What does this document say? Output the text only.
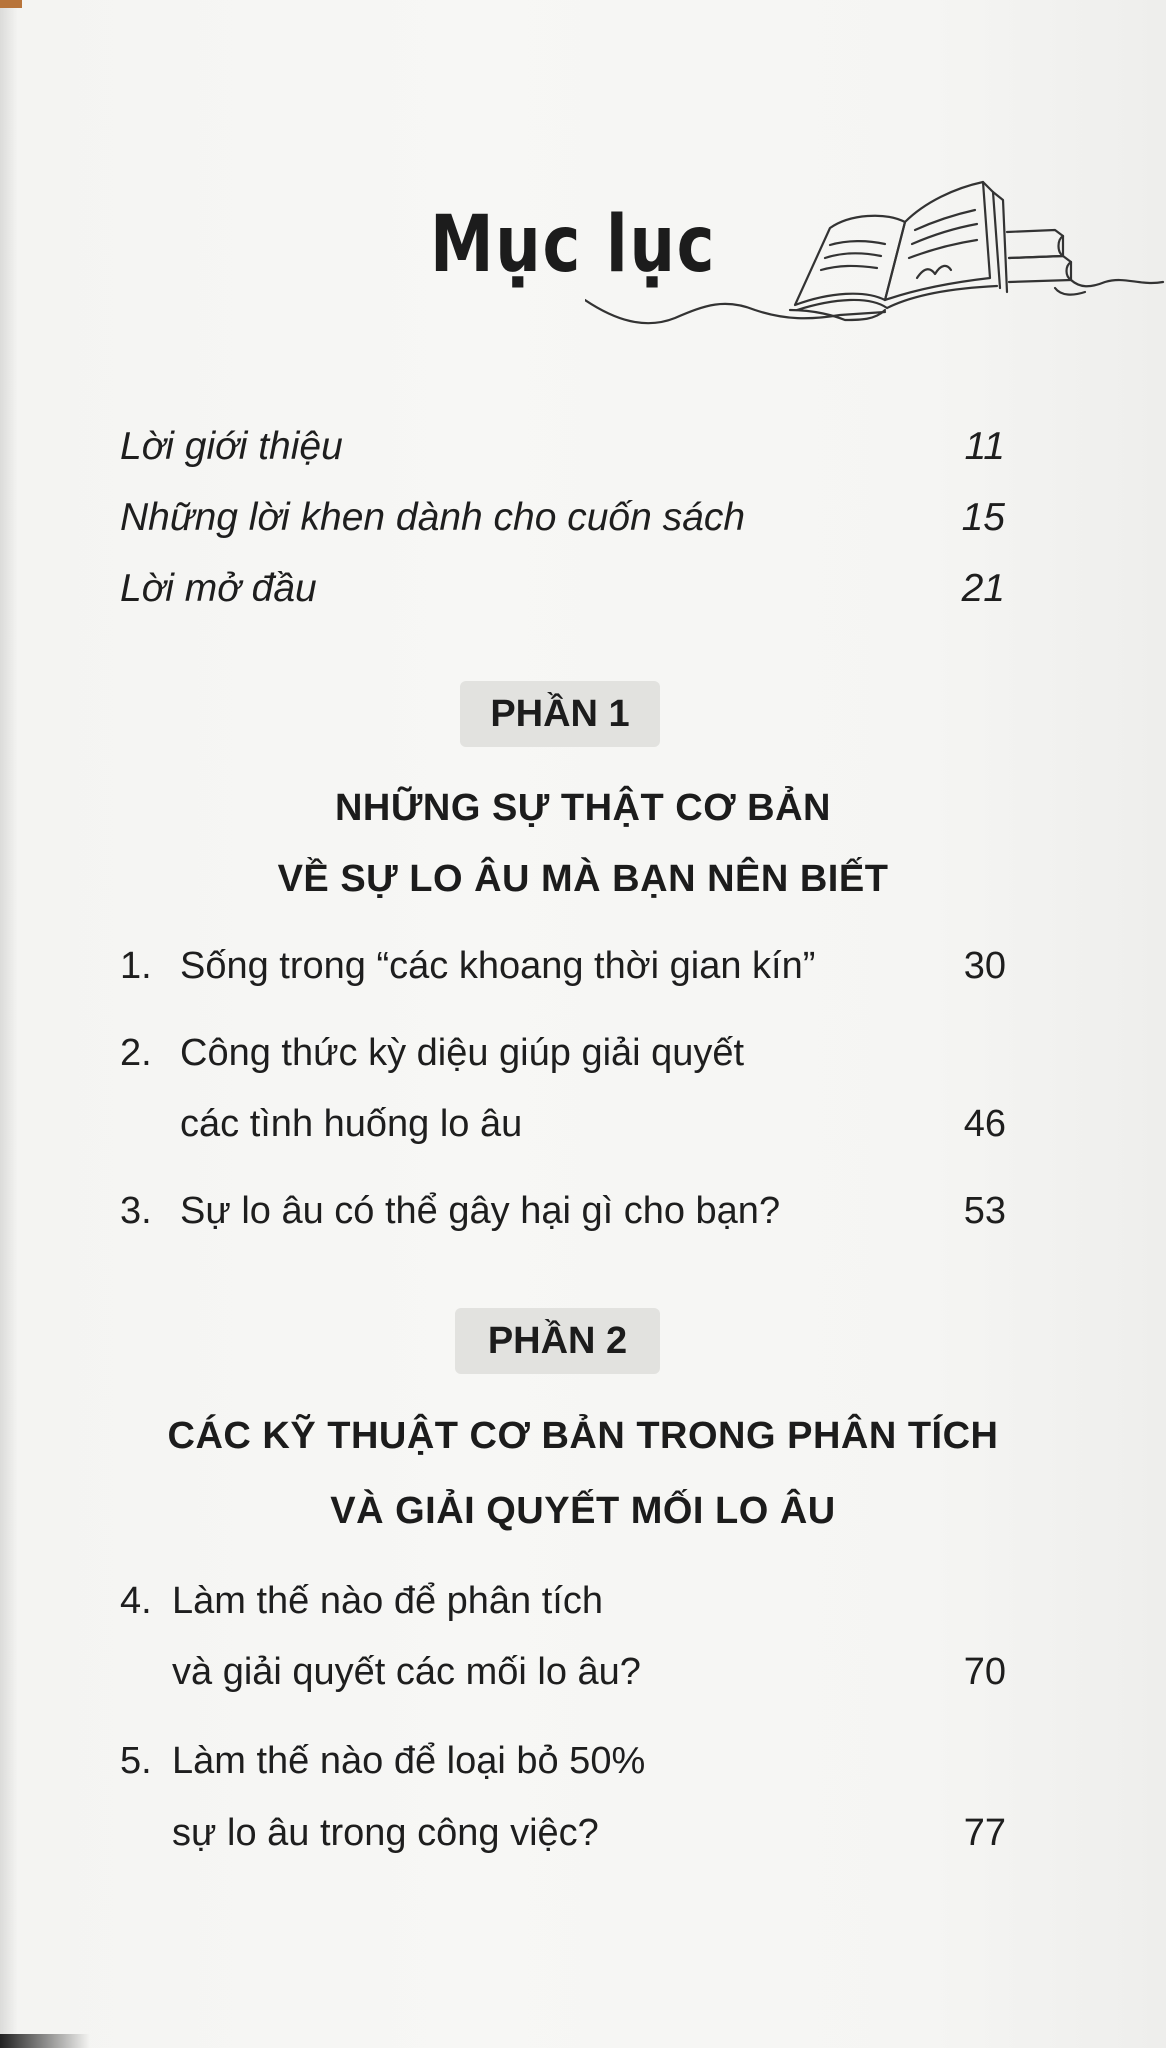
Mục lục
Lời giới thiệu	11
Những lời khen dành cho cuốn sách	15
Lời mở đầu	21
PHẦN 1
NHỮNG SỰ THẬT CƠ BẢN
VỀ SỰ LO ÂU MÀ BẠN NÊN BIẾT
1. Sống trong “các khoang thời gian kín”	30
2. Công thức kỳ diệu giúp giải quyết
các tình huống lo âu	46
3. Sự lo âu có thể gây hại gì cho bạn?	53
PHẦN 2
CÁC KỸ THUẬT CƠ BẢN TRONG PHÂN TÍCH
VÀ GIẢI QUYẾT MỐI LO ÂU
4. Làm thế nào để phân tích
và giải quyết các mối lo âu?	70
5. Làm thế nào để loại bỏ 50%
sự lo âu trong công việc?	77
